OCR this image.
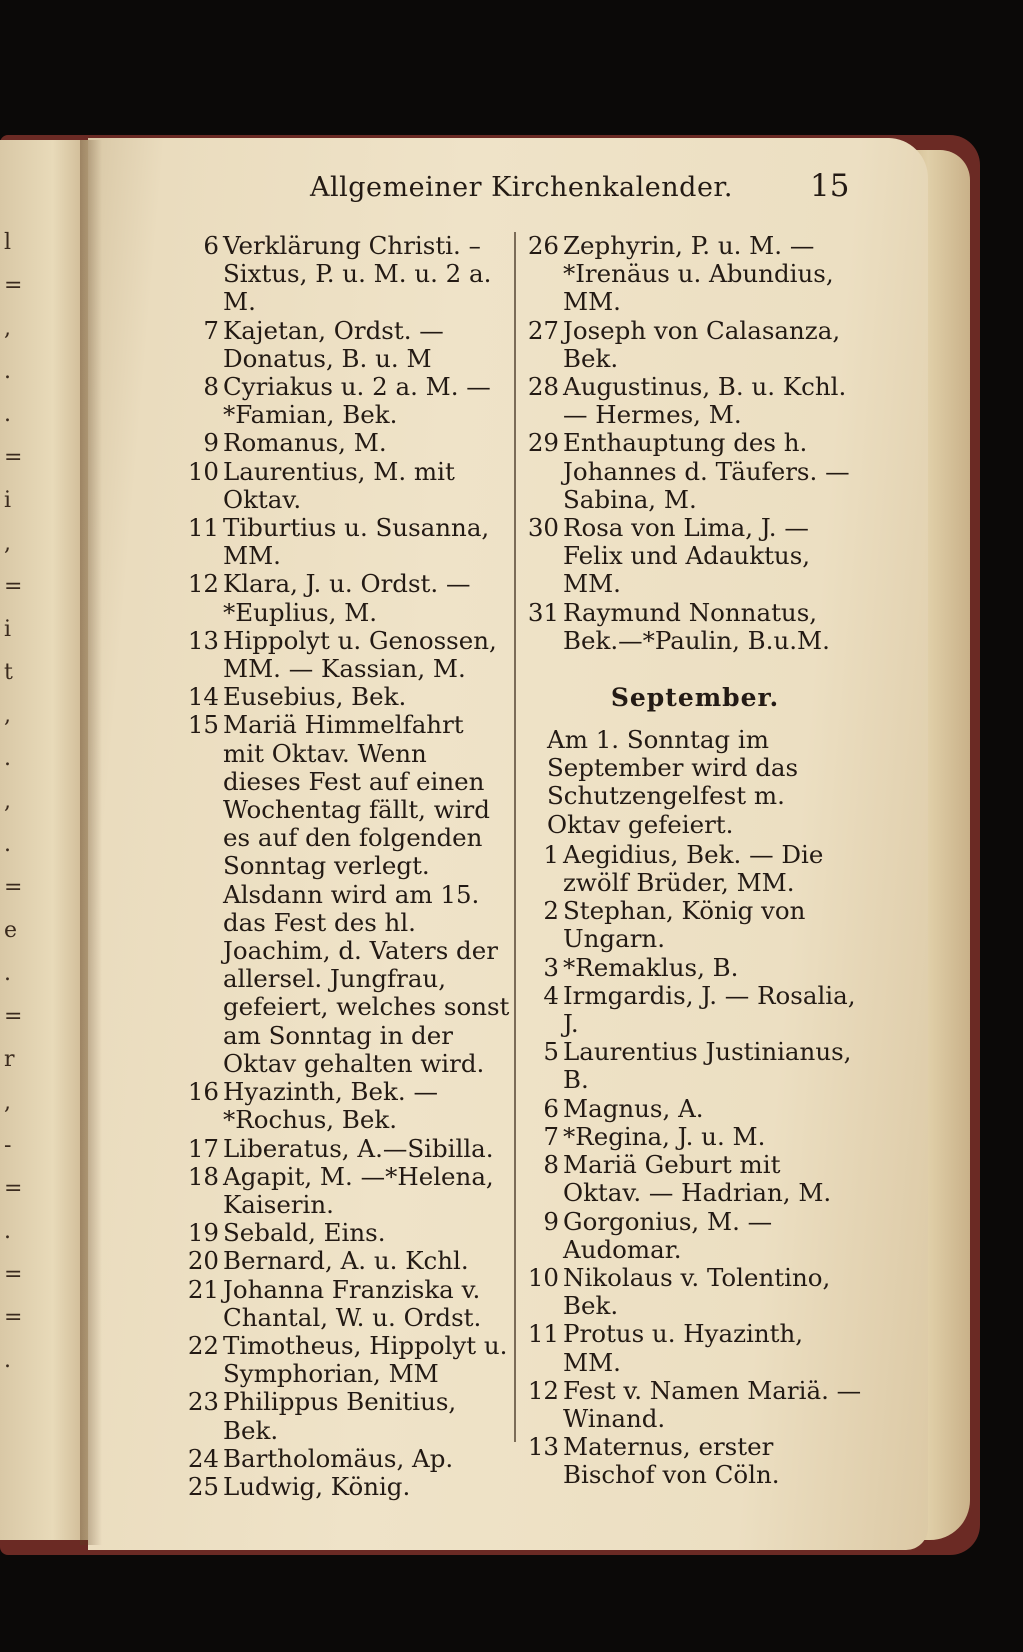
l
=
,
.
.
=
i
,
=
i
t
,
.
,
.
=
e
.
=
r
,
-
=
.
=
=
.
Allgemeiner Kirchenkalender. 15

6 Verklärung Christi. – Sixtus, P. u. M. u. 2 a. M.

7 Kajetan, Ordst. — Donatus, B. u. M

8 Cyriakus u. 2 a. M. — *Famian, Bek.

9 Romanus, M.

10 Laurentius, M. mit Oktav.

11 Tiburtius u. Susanna, MM.

12 Klara, J. u. Ordst. — *Euplius, M.

13 Hippolyt u. Genossen, MM. — Kassian, M.

14 Eusebius, Bek.

15 Mariä Himmelfahrt mit Oktav. Wenn dieses Fest auf einen Wochentag fällt, wird es auf den folgenden Sonntag verlegt. Alsdann wird am 15. das Fest des hl. Joachim, d. Vaters der allersel. Jungfrau, gefeiert, welches sonst am Sonntag in der Oktav gehalten wird.

16 Hyazinth, Bek. — *Rochus, Bek.

17 Liberatus, A.—Sibilla.

18 Agapit, M. —*Helena, Kaiserin.

19 Sebald, Eins.

20 Bernard, A. u. Kchl.

21 Johanna Franziska v. Chantal, W. u. Ordst.

22 Timotheus, Hippolyt u. Symphorian, MM

23 Philippus Benitius, Bek.

24 Bartholomäus, Ap.

25 Ludwig, König.

26 Zephyrin, P. u. M. — *Irenäus u. Abundius, MM.

27 Joseph von Calasanza, Bek.

28 Augustinus, B. u. Kchl. — Hermes, M.

29 Enthauptung des h. Johannes d. Täufers. — Sabina, M.

30 Rosa von Lima, J. — Felix und Adauktus, MM.

31 Raymund Nonnatus, Bek.—*Paulin, B.u.M.

September.

Am 1. Sonntag im September wird das Schutzengelfest m. Oktav gefeiert.

1 Aegidius, Bek. — Die zwölf Brüder, MM.

2 Stephan, König von Ungarn.

3 *Remaklus, B.

4 Irmgardis, J. — Rosalia, J.

5 Laurentius Justinianus, B.

6 Magnus, A.

7 *Regina, J. u. M.

8 Mariä Geburt mit Oktav. — Hadrian, M.

9 Gorgonius, M. — Audomar.

10 Nikolaus v. Tolentino, Bek.

11 Protus u. Hyazinth, MM.

12 Fest v. Namen Mariä. — Winand.

13 Maternus, erster Bischof von Cöln.
